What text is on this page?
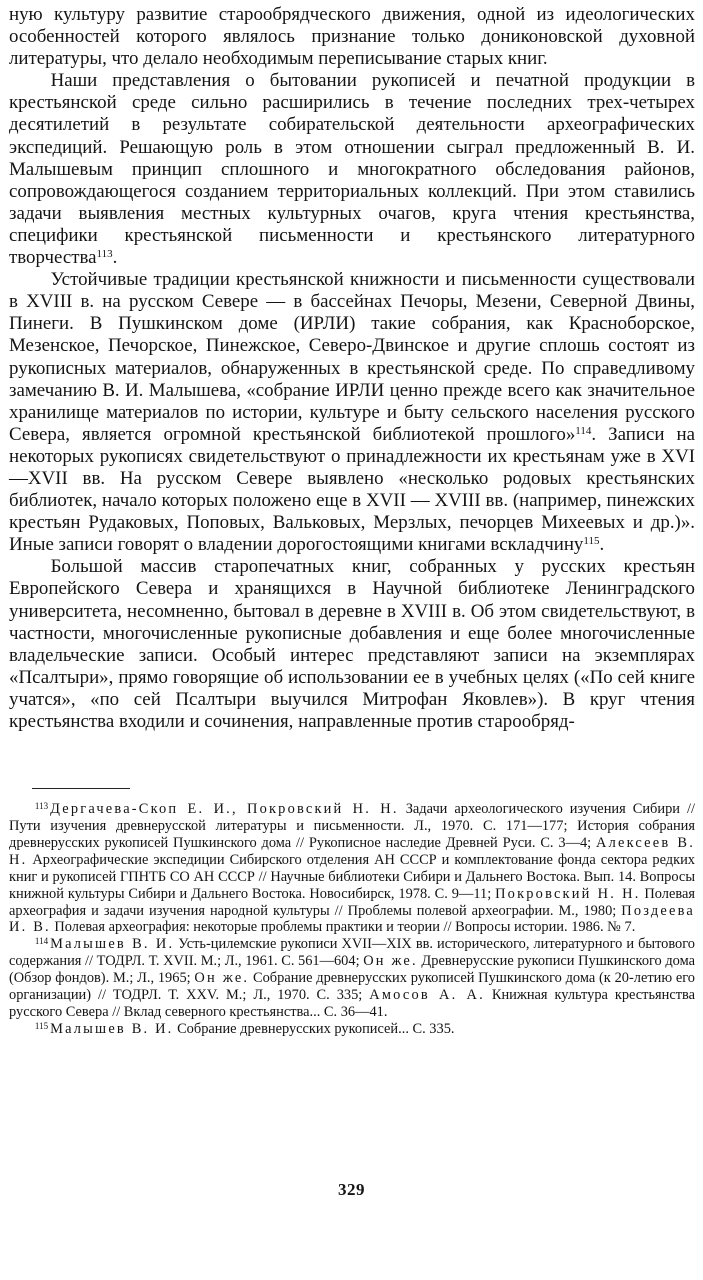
ную культуру развитие старообрядческого движения, одной из идеологических особенностей которого являлось признание только дониконовской духовной литературы, что делало необходимым переписывание старых книг.

Наши представления о бытовании рукописей и печатной продукции в крестьянской среде сильно расширились в течение последних трех-четырех десятилетий в результате собирательской деятельности археографических экспедиций. Решающую роль в этом отношении сыграл предложенный В. И. Малышевым принцип сплошного и многократного обследования районов, сопровождающегося созданием территориальных коллекций. При этом ставились задачи выявления местных культурных очагов, круга чтения крестьянства, специфики крестьянской письменности и крестьянского литературного творчества$^{113}$.

Устойчивые традиции крестьянской книжности и письменности существовали в XVIII в. на русском Севере — в бассейнах Печоры, Мезени, Северной Двины, Пинеги. В Пушкинском доме (ИРЛИ) такие собрания, как Красноборское, Мезенское, Печорское, Пинежское, Северо-Двинское и другие сплошь состоят из рукописных материалов, обнаруженных в крестьянской среде. По справедливому замечанию В. И. Малышева, «собрание ИРЛИ ценно прежде всего как значительное хранилище материалов по истории, культуре и быту сельского населения русского Севера, является огромной крестьянской библиотекой прошлого»$^{114}$. Записи на некоторых рукописях свидетельствуют о принадлежности их крестьянам уже в XVI—XVII вв. На русском Севере выявлено «несколько родовых крестьянских библиотек, начало которых положено еще в XVII — XVIII вв. (например, пинежских крестьян Рудаковых, Поповых, Вальковых, Мерзлых, печорцев Михеевых и др.)». Иные записи говорят о владении дорогостоящими книгами вскладчину$^{115}$.

Большой массив старопечатных книг, собранных у русских крестьян Европейского Севера и хранящихся в Научной библиотеке Ленинградского университета, несомненно, бытовал в деревне в XVIII в. Об этом свидетельствуют, в частности, многочисленные рукописные добавления и еще более многочисленные владельческие записи. Особый интерес представляют записи на экземплярах «Псалтыри», прямо говорящие об использовании ее в учебных целях («По сей книге учатся», «по сей Псалтыри выучился Митрофан Яковлев»). В круг чтения крестьянства входили и сочинения, направленные против старообряд-

$^{113}$ Дергачева-Скоп Е. И., Покровский Н. Н. Задачи археологического изучения Сибири // Пути изучения древнерусской литературы и письменности. Л., 1970. С. 171—177; История собрания древнерусских рукописей Пушкинского дома // Рукописное наследие Древней Руси. С. 3—4; Алексеев В. Н. Археографические экспедиции Сибирского отделения АН СССР и комплектование фонда сектора редких книг и рукописей ГПНТБ СО АН СССР // Научные библиотеки Сибири и Дальнего Востока. Вып. 14. Вопросы книжной культуры Сибири и Дальнего Востока. Новосибирск, 1978. С. 9—11; Покровский Н. Н. Полевая археография и задачи изучения народной культуры // Проблемы полевой археографии. М., 1980; Поздеева И. В. Полевая археография: некоторые проблемы практики и теории // Вопросы истории. 1986. № 7.

$^{114}$ Малышев В. И. Усть-цилемские рукописи XVII—XIX вв. исторического, литературного и бытового содержания // ТОДРЛ. Т. XVII. М.; Л., 1961. С. 561—604; Он же. Древнерусские рукописи Пушкинского дома (Обзор фондов). М.; Л., 1965; Он же. Собрание древнерусских рукописей Пушкинского дома (к 20-летию его организации) // ТОДРЛ. Т. XXV. М.; Л., 1970. С. 335; Амосов А. А. Книжная культура крестьянства русского Севера // Вклад северного крестьянства... С. 36—41.

$^{115}$ Малышев В. И. Собрание древнерусских рукописей... С. 335.

329
